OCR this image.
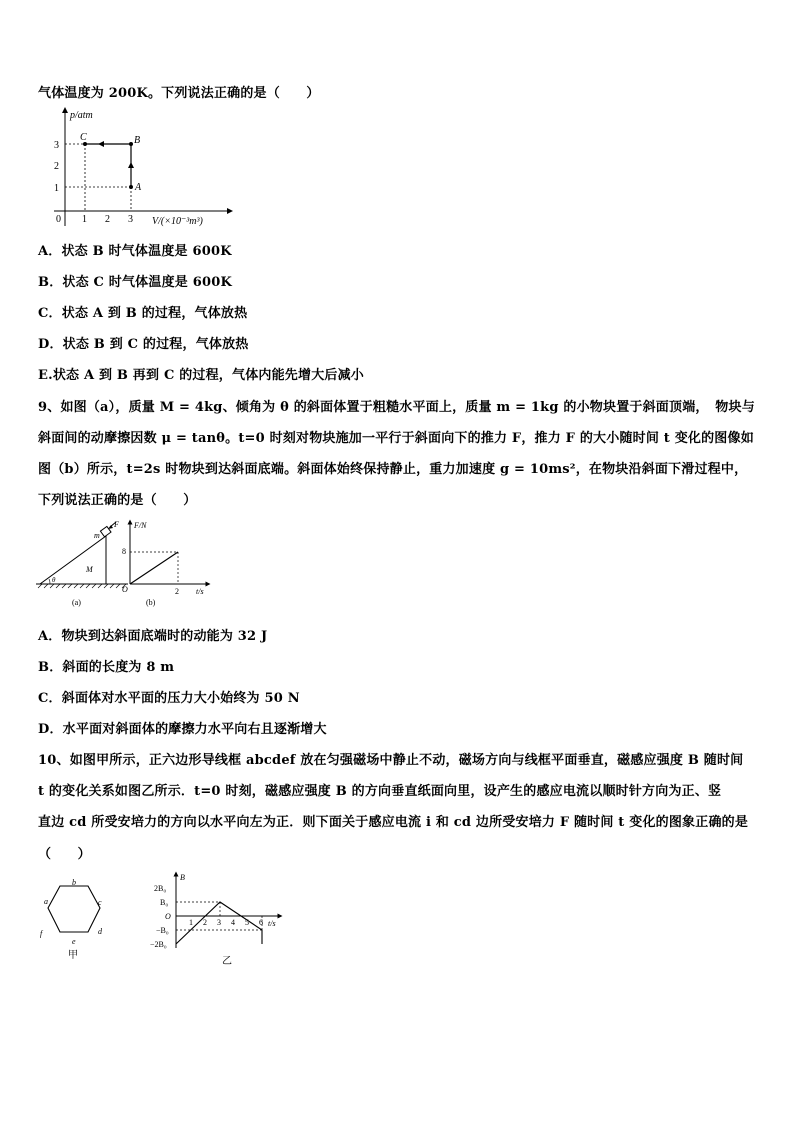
气体温度为 200K。下列说法正确的是（　　）
p/atm
3
2
1
0 1 2 3 V/(×10⁻³m³)
A
B
C
A．状态 B 时气体温度是 600K
B．状态 C 时气体温度是 600K
C．状态 A 到 B 的过程，气体放热
D．状态 B 到 C 的过程，气体放热
E.状态 A 到 B 再到 C 的过程，气体内能先增大后减小
9、如图（a），质量 M = 4kg、倾角为 θ 的斜面体置于粗糙水平面上，质量 m = 1kg 的小物块置于斜面顶端，　物块与
斜面间的动摩擦因数 μ = tanθ。t=0 时刻对物块施加一平行于斜面向下的推力 F，推力 F 的大小随时间 t 变化的图像如
图（b）所示，t=2s 时物块到达斜面底端。斜面体始终保持静止，重力加速度 g = 10ms²，在物块沿斜面下滑过程中，
下列说法正确的是（　　）
F
m
M
θ
(a)
F/N
t/s
O
8
2
(b)
A．物块到达斜面底端时的动能为 32 J
B．斜面的长度为 8 m
C．斜面体对水平面的压力大小始终为 50 N
D．水平面对斜面体的摩擦力水平向右且逐渐增大
10、如图甲所示，正六边形导线框 abcdef 放在匀强磁场中静止不动，磁场方向与线框平面垂直，磁感应强度 B 随时间
t 的变化关系如图乙所示．t=0 时刻，磁感应强度 B 的方向垂直纸面向里，设产生的感应电流以顺时针方向为正、竖
直边 cd 所受安培力的方向以水平向左为正．则下面关于感应电流 i 和 cd 边所受安培力 F 随时间 t 变化的图象正确的是
（　　）
a
b
c
d
e
f
甲
B
t/s
2B₀
B₀
O
−B₀
−2B₀
1 2 3 4 5 6
乙
